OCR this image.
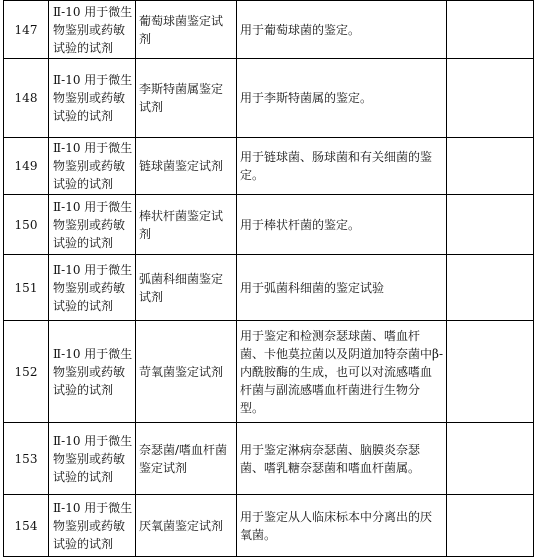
147	Ⅱ-10 用于微生物鉴别或药敏试验的试剂	葡萄球菌鉴定试剂	用于葡萄球菌的鉴定。	
148	Ⅱ-10 用于微生物鉴别或药敏试验的试剂	李斯特菌属鉴定试剂	用于李斯特菌属的鉴定。	
149	Ⅱ-10 用于微生物鉴别或药敏试验的试剂	链球菌鉴定试剂	用于链球菌、肠球菌和有关细菌的鉴定。	
150	Ⅱ-10 用于微生物鉴别或药敏试验的试剂	棒状杆菌鉴定试剂	用于棒状杆菌的鉴定。	
151	Ⅱ-10 用于微生物鉴别或药敏试验的试剂	弧菌科细菌鉴定试剂	用于弧菌科细菌的鉴定试验	
152	Ⅱ-10 用于微生物鉴别或药敏试验的试剂	苛氧菌鉴定试剂	用于鉴定和检测奈瑟球菌、嗜血杆菌、卡他莫拉菌以及阴道加特奈菌中β-内酰胺酶的生成，也可以对流感嗜血杆菌与副流感嗜血杆菌进行生物分型。	
153	Ⅱ-10 用于微生物鉴别或药敏试验的试剂	奈瑟菌/嗜血杆菌鉴定试剂	用于鉴定淋病奈瑟菌、脑膜炎奈瑟菌、嗜乳糖奈瑟菌和嗜血杆菌属。	
154	Ⅱ-10 用于微生物鉴别或药敏试验的试剂	厌氧菌鉴定试剂	用于鉴定从人临床标本中分离出的厌氧菌。	
